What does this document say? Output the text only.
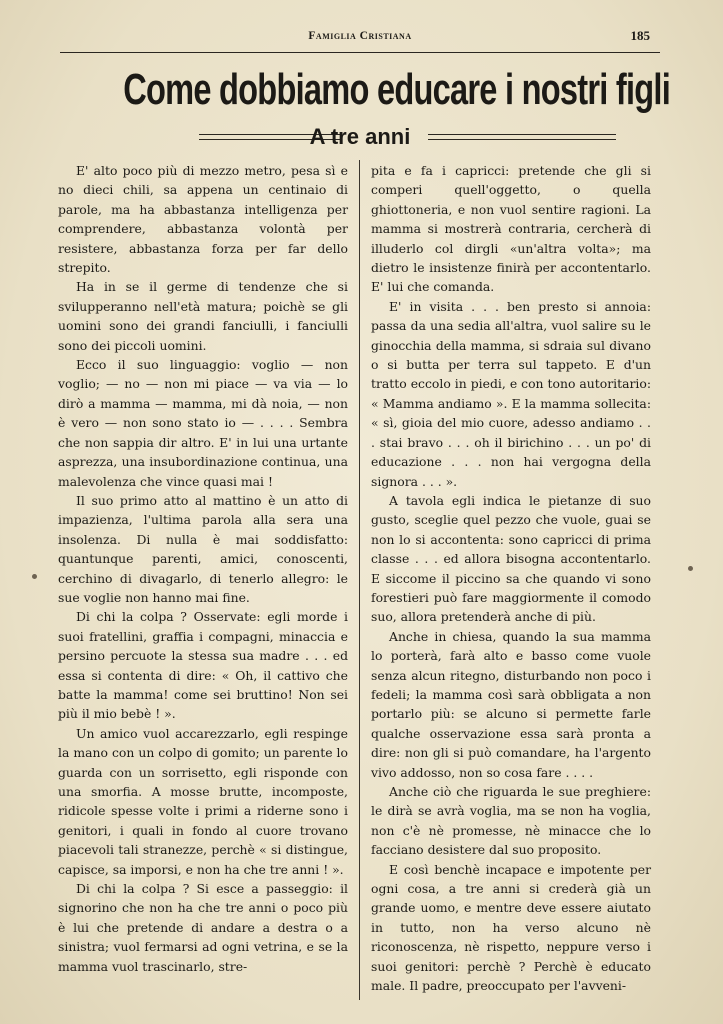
Famiglia Cristiana	185
Come dobbiamo educare i nostri figli
A tre anni

E' alto poco più di mezzo metro, pesa sì e no dieci chili, sa appena un centinaio di parole, ma ha abbastanza intelligenza per comprendere, abbastanza volontà per resistere, abbastanza forza per far dello strepito.

Ha in se il germe di tendenze che si svilupperanno nell'età matura; poichè se gli uomini sono dei grandi fanciulli, i fanciulli sono dei piccoli uomini.

Ecco il suo linguaggio: voglio — non voglio; — no — non mi piace — va via — lo dirò a mamma — mamma, mi dà noia, — non è vero — non sono stato io — . . . . Sembra che non sappia dir altro. E' in lui una urtante asprezza, una insubordinazione continua, una malevolenza che vince quasi mai !

Il suo primo atto al mattino è un atto di impazienza, l'ultima parola alla sera una insolenza. Di nulla è mai soddisfatto: quantunque parenti, amici, conoscenti, cerchino di divagarlo, di tenerlo allegro: le sue voglie non hanno mai fine.

Di chi la colpa ? Osservate: egli morde i suoi fratellini, graffia i compagni, minaccia e persino percuote la stessa sua madre . . . ed essa si contenta di dire: « Oh, il cattivo che batte la mamma! come sei bruttino! Non sei più il mio bebè ! ».

Un amico vuol accarezzarlo, egli respinge la mano con un colpo di gomito; un parente lo guarda con un sorrisetto, egli risponde con una smorfia. A mosse brutte, incomposte, ridicole spesse volte i primi a riderne sono i genitori, i quali in fondo al cuore trovano piacevoli tali stranezze, perchè « si distingue, capisce, sa imporsi, e non ha che tre anni ! ».

Di chi la colpa ? Si esce a passeggio: il signorino che non ha che tre anni o poco più è lui che pretende di andare a destra o a sinistra; vuol fermarsi ad ogni vetrina, e se la mamma vuol trascinarlo, stre-

pita e fa i capricci: pretende che gli si comperi quell'oggetto, o quella ghiottoneria, e non vuol sentire ragioni. La mamma si mostrerà contraria, cercherà di illuderlo col dirgli «un'altra volta»; ma dietro le insistenze finirà per accontentarlo. E' lui che comanda.

E' in visita . . . ben presto si annoia: passa da una sedia all'altra, vuol salire su le ginocchia della mamma, si sdraia sul divano o si butta per terra sul tappeto. E d'un tratto eccolo in piedi, e con tono autoritario: « Mamma andiamo ». E la mamma sollecita: « sì, gioia del mio cuore, adesso andiamo . . . stai bravo . . . oh il birichino . . . un po' di educazione . . . non hai vergogna della signora . . . ».

A tavola egli indica le pietanze di suo gusto, sceglie quel pezzo che vuole, guai se non lo si accontenta: sono capricci di prima classe . . . ed allora bisogna accontentarlo. E siccome il piccino sa che quando vi sono forestieri può fare maggiormente il comodo suo, allora pretenderà anche di più.

Anche in chiesa, quando la sua mamma lo porterà, farà alto e basso come vuole senza alcun ritegno, disturbando non poco i fedeli; la mamma così sarà obbligata a non portarlo più: se alcuno si permette farle qualche osservazione essa sarà pronta a dire: non gli si può comandare, ha l'argento vivo addosso, non so cosa fare . . . .

Anche ciò che riguarda le sue preghiere: le dirà se avrà voglia, ma se non ha voglia, non c'è nè promesse, nè minacce che lo facciano desistere dal suo proposito.

E così benchè incapace e impotente per ogni cosa, a tre anni si crederà già un grande uomo, e mentre deve essere aiutato in tutto, non ha verso alcuno nè riconoscenza, nè rispetto, neppure verso i suoi genitori: perchè ? Perchè è educato male. Il padre, preoccupato per l'avveni-
